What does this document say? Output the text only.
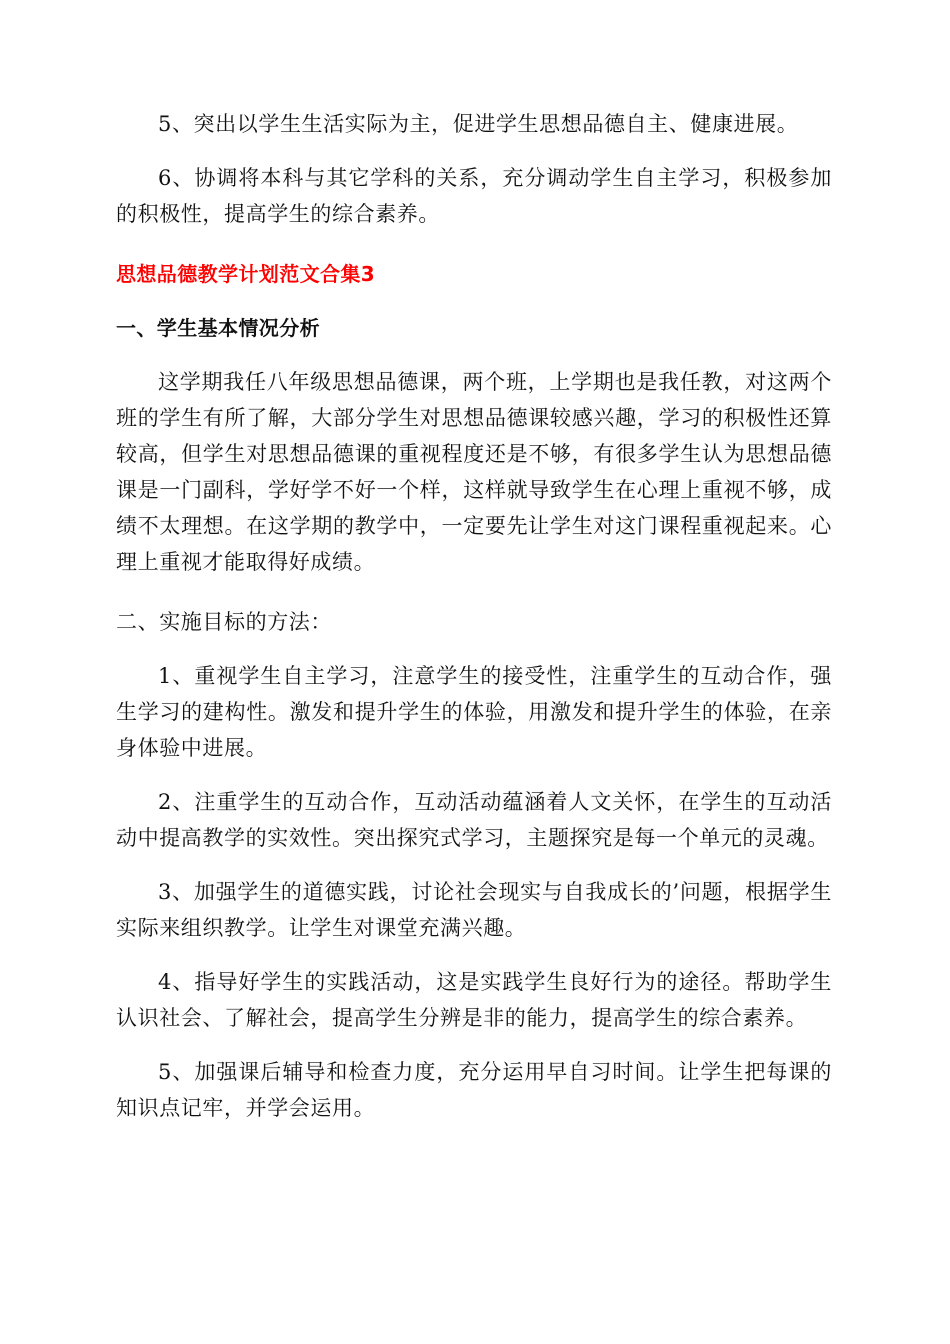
5、突出以学生生活实际为主，促进学生思想品德自主、健康进展。

6、协调将本科与其它学科的关系，充分调动学生自主学习，积极参加的积极性，提高学生的综合素养。

思想品德教学计划范文合集3

一、学生基本情况分析

这学期我任八年级思想品德课，两个班，上学期也是我任教，对这两个班的学生有所了解，大部分学生对思想品德课较感兴趣，学习的积极性还算较高，但学生对思想品德课的重视程度还是不够，有很多学生认为思想品德课是一门副科，学好学不好一个样，这样就导致学生在心理上重视不够，成绩不太理想。在这学期的教学中，一定要先让学生对这门课程重视起来。心理上重视才能取得好成绩。

二、实施目标的方法：

1、重视学生自主学习，注意学生的接受性，注重学生的互动合作，强生学习的建构性。激发和提升学生的体验，用激发和提升学生的体验，在亲身体验中进展。

2、注重学生的互动合作，互动活动蕴涵着人文关怀，在学生的互动活动中提高教学的实效性。突出探究式学习，主题探究是每一个单元的灵魂。

3、加强学生的道德实践，讨论社会现实与自我成长的’问题，根据学生实际来组织教学。让学生对课堂充满兴趣。

4、指导好学生的实践活动，这是实践学生良好行为的途径。帮助学生认识社会、了解社会，提高学生分辨是非的能力，提高学生的综合素养。

5、加强课后辅导和检查力度，充分运用早自习时间。让学生把每课的知识点记牢，并学会运用。
